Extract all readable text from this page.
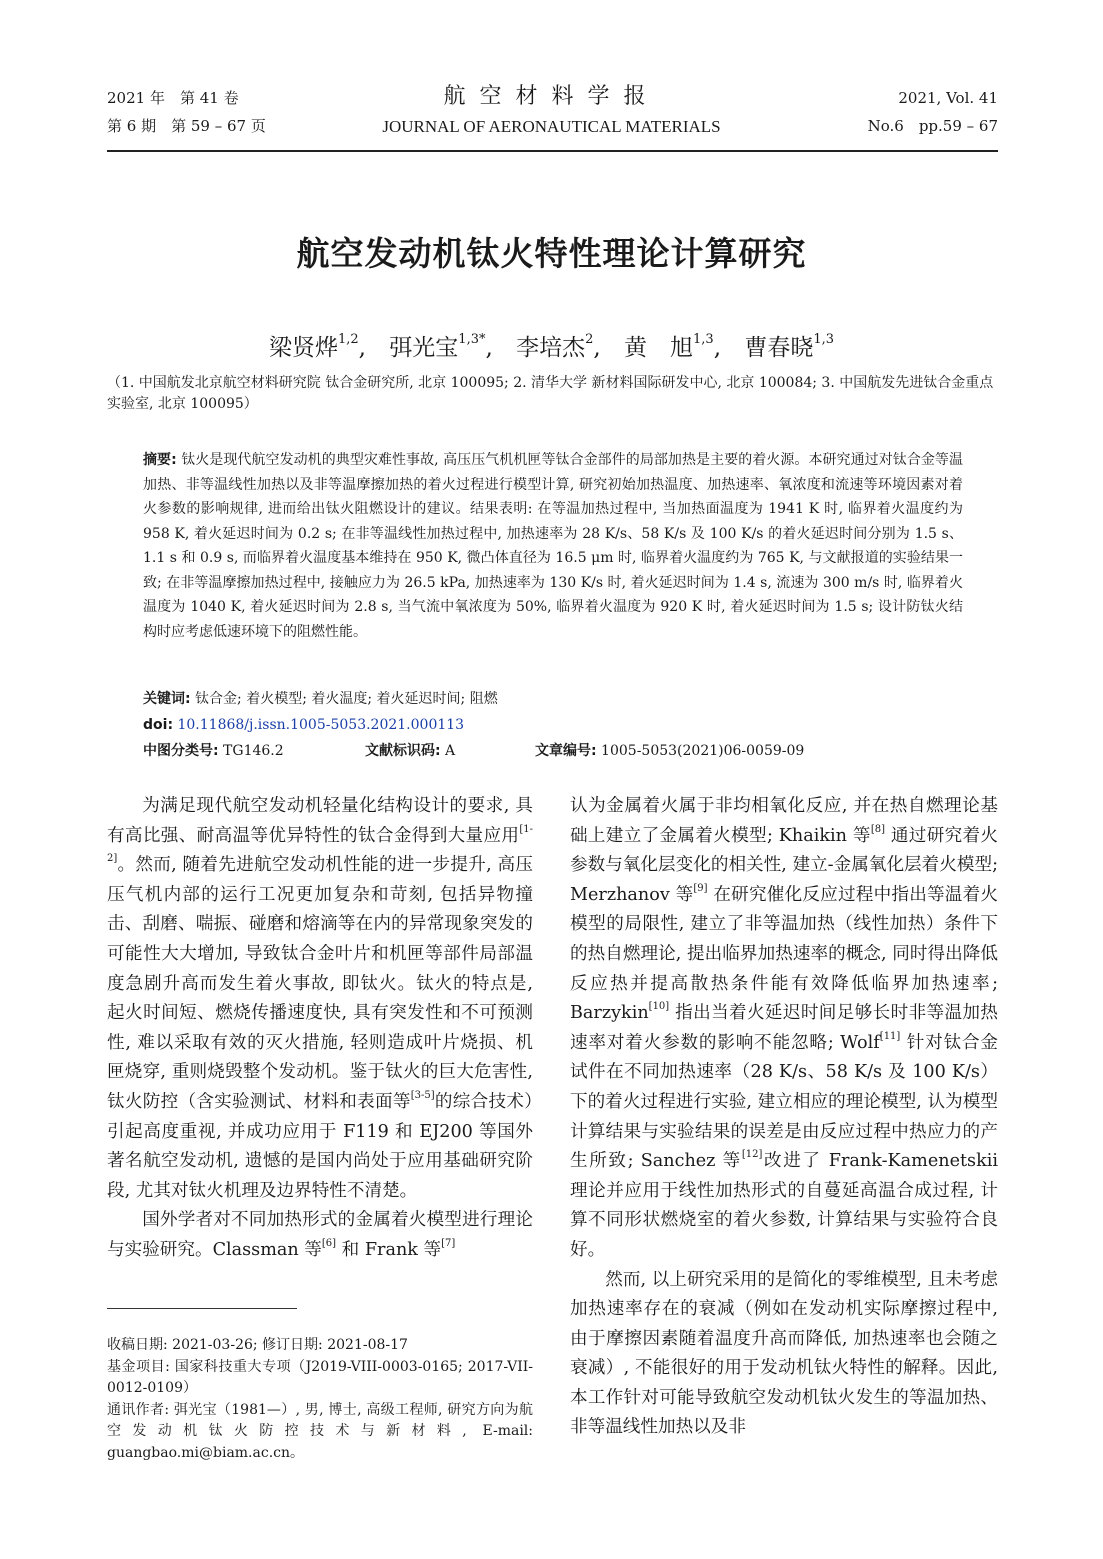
2021 年　第 41 卷
第 6 期　第 59 – 67 页
航空材料学报
JOURNAL OF AERONAUTICAL MATERIALS
2021, Vol. 41
No.6　pp.59 – 67
航空发动机钛火特性理论计算研究
梁贤烨$^{1,2}$, 弭光宝$^{1,3*}$, 李培杰$^2$, 黄　旭$^{1,3}$, 曹春晓$^{1,3}$
（1. 中国航发北京航空材料研究院 钛合金研究所, 北京 100095; 2. 清华大学 新材料国际研发中心, 北京 100084; 3. 中国航发先进钛合金重点实验室, 北京 100095）
摘要: 钛火是现代航空发动机的典型灾难性事故, 高压压气机机匣等钛合金部件的局部加热是主要的着火源。本研究通过对钛合金等温加热、非等温线性加热以及非等温摩擦加热的着火过程进行模型计算, 研究初始加热温度、加热速率、氧浓度和流速等环境因素对着火参数的影响规律, 进而给出钛火阻燃设计的建议。结果表明: 在等温加热过程中, 当加热面温度为 1941 K 时, 临界着火温度约为 958 K, 着火延迟时间为 0.2 s; 在非等温线性加热过程中, 加热速率为 28 K/s、58 K/s 及 100 K/s 的着火延迟时间分别为 1.5 s、1.1 s 和 0.9 s, 而临界着火温度基本维持在 950 K, 微凸体直径为 16.5 μm 时, 临界着火温度约为 765 K, 与文献报道的实验结果一致; 在非等温摩擦加热过程中, 接触应力为 26.5 kPa, 加热速率为 130 K/s 时, 着火延迟时间为 1.4 s, 流速为 300 m/s 时, 临界着火温度为 1040 K, 着火延迟时间为 2.8 s, 当气流中氧浓度为 50%, 临界着火温度为 920 K 时, 着火延迟时间为 1.5 s; 设计防钛火结构时应考虑低速环境下的阻燃性能。
关键词: 钛合金; 着火模型; 着火温度; 着火延迟时间; 阻燃
doi: 10.11868/j.issn.1005-5053.2021.000113
中图分类号: TG146.2	文献标识码: A	文章编号: 1005-5053(2021)06-0059-09

为满足现代航空发动机轻量化结构设计的要求, 具有高比强、耐高温等优异特性的钛合金得到大量应用[1-2]。然而, 随着先进航空发动机性能的进一步提升, 高压压气机内部的运行工况更加复杂和苛刻, 包括异物撞击、刮磨、喘振、碰磨和熔滴等在内的异常现象突发的可能性大大增加, 导致钛合金叶片和机匣等部件局部温度急剧升高而发生着火事故, 即钛火。钛火的特点是, 起火时间短、燃烧传播速度快, 具有突发性和不可预测性, 难以采取有效的灭火措施, 轻则造成叶片烧损、机匣烧穿, 重则烧毁整个发动机。鉴于钛火的巨大危害性, 钛火防控（含实验测试、材料和表面等[3-5]的综合技术）引起高度重视, 并成功应用于 F119 和 EJ200 等国外著名航空发动机, 遗憾的是国内尚处于应用基础研究阶段, 尤其对钛火机理及边界特性不清楚。

国外学者对不同加热形式的金属着火模型进行理论与实验研究。Classman 等[6] 和 Frank 等[7]

认为金属着火属于非均相氧化反应, 并在热自燃理论基础上建立了金属着火模型; Khaikin 等[8] 通过研究着火参数与氧化层变化的相关性, 建立-金属氧化层着火模型; Merzhanov 等[9] 在研究催化反应过程中指出等温着火模型的局限性, 建立了非等温加热（线性加热）条件下的热自燃理论, 提出临界加热速率的概念, 同时得出降低反应热并提高散热条件能有效降低临界加热速率; Barzykin[10] 指出当着火延迟时间足够长时非等温加热速率对着火参数的影响不能忽略; Wolf[11] 针对钛合金试件在不同加热速率（28 K/s、58 K/s 及 100 K/s）下的着火过程进行实验, 建立相应的理论模型, 认为模型计算结果与实验结果的误差是由反应过程中热应力的产生所致; Sanchez 等[12]改进了 Frank-Kamenetskii 理论并应用于线性加热形式的自蔓延高温合成过程, 计算不同形状燃烧室的着火参数, 计算结果与实验符合良好。

然而, 以上研究采用的是简化的零维模型, 且未考虑加热速率存在的衰减（例如在发动机实际摩擦过程中, 由于摩擦因素随着温度升高而降低, 加热速率也会随之衰减）, 不能很好的用于发动机钛火特性的解释。因此, 本工作针对可能导致航空发动机钛火发生的等温加热、非等温线性加热以及非

收稿日期: 2021-03-26; 修订日期: 2021-08-17

基金项目: 国家科技重大专项（J2019-VIII-0003-0165; 2017-VII-0012-0109）

通讯作者: 弭光宝（1981—）, 男, 博士, 高级工程师, 研究方向为航空发动机钛火防控技术与新材料, E-mail: guangbao.mi@biam.ac.cn。
